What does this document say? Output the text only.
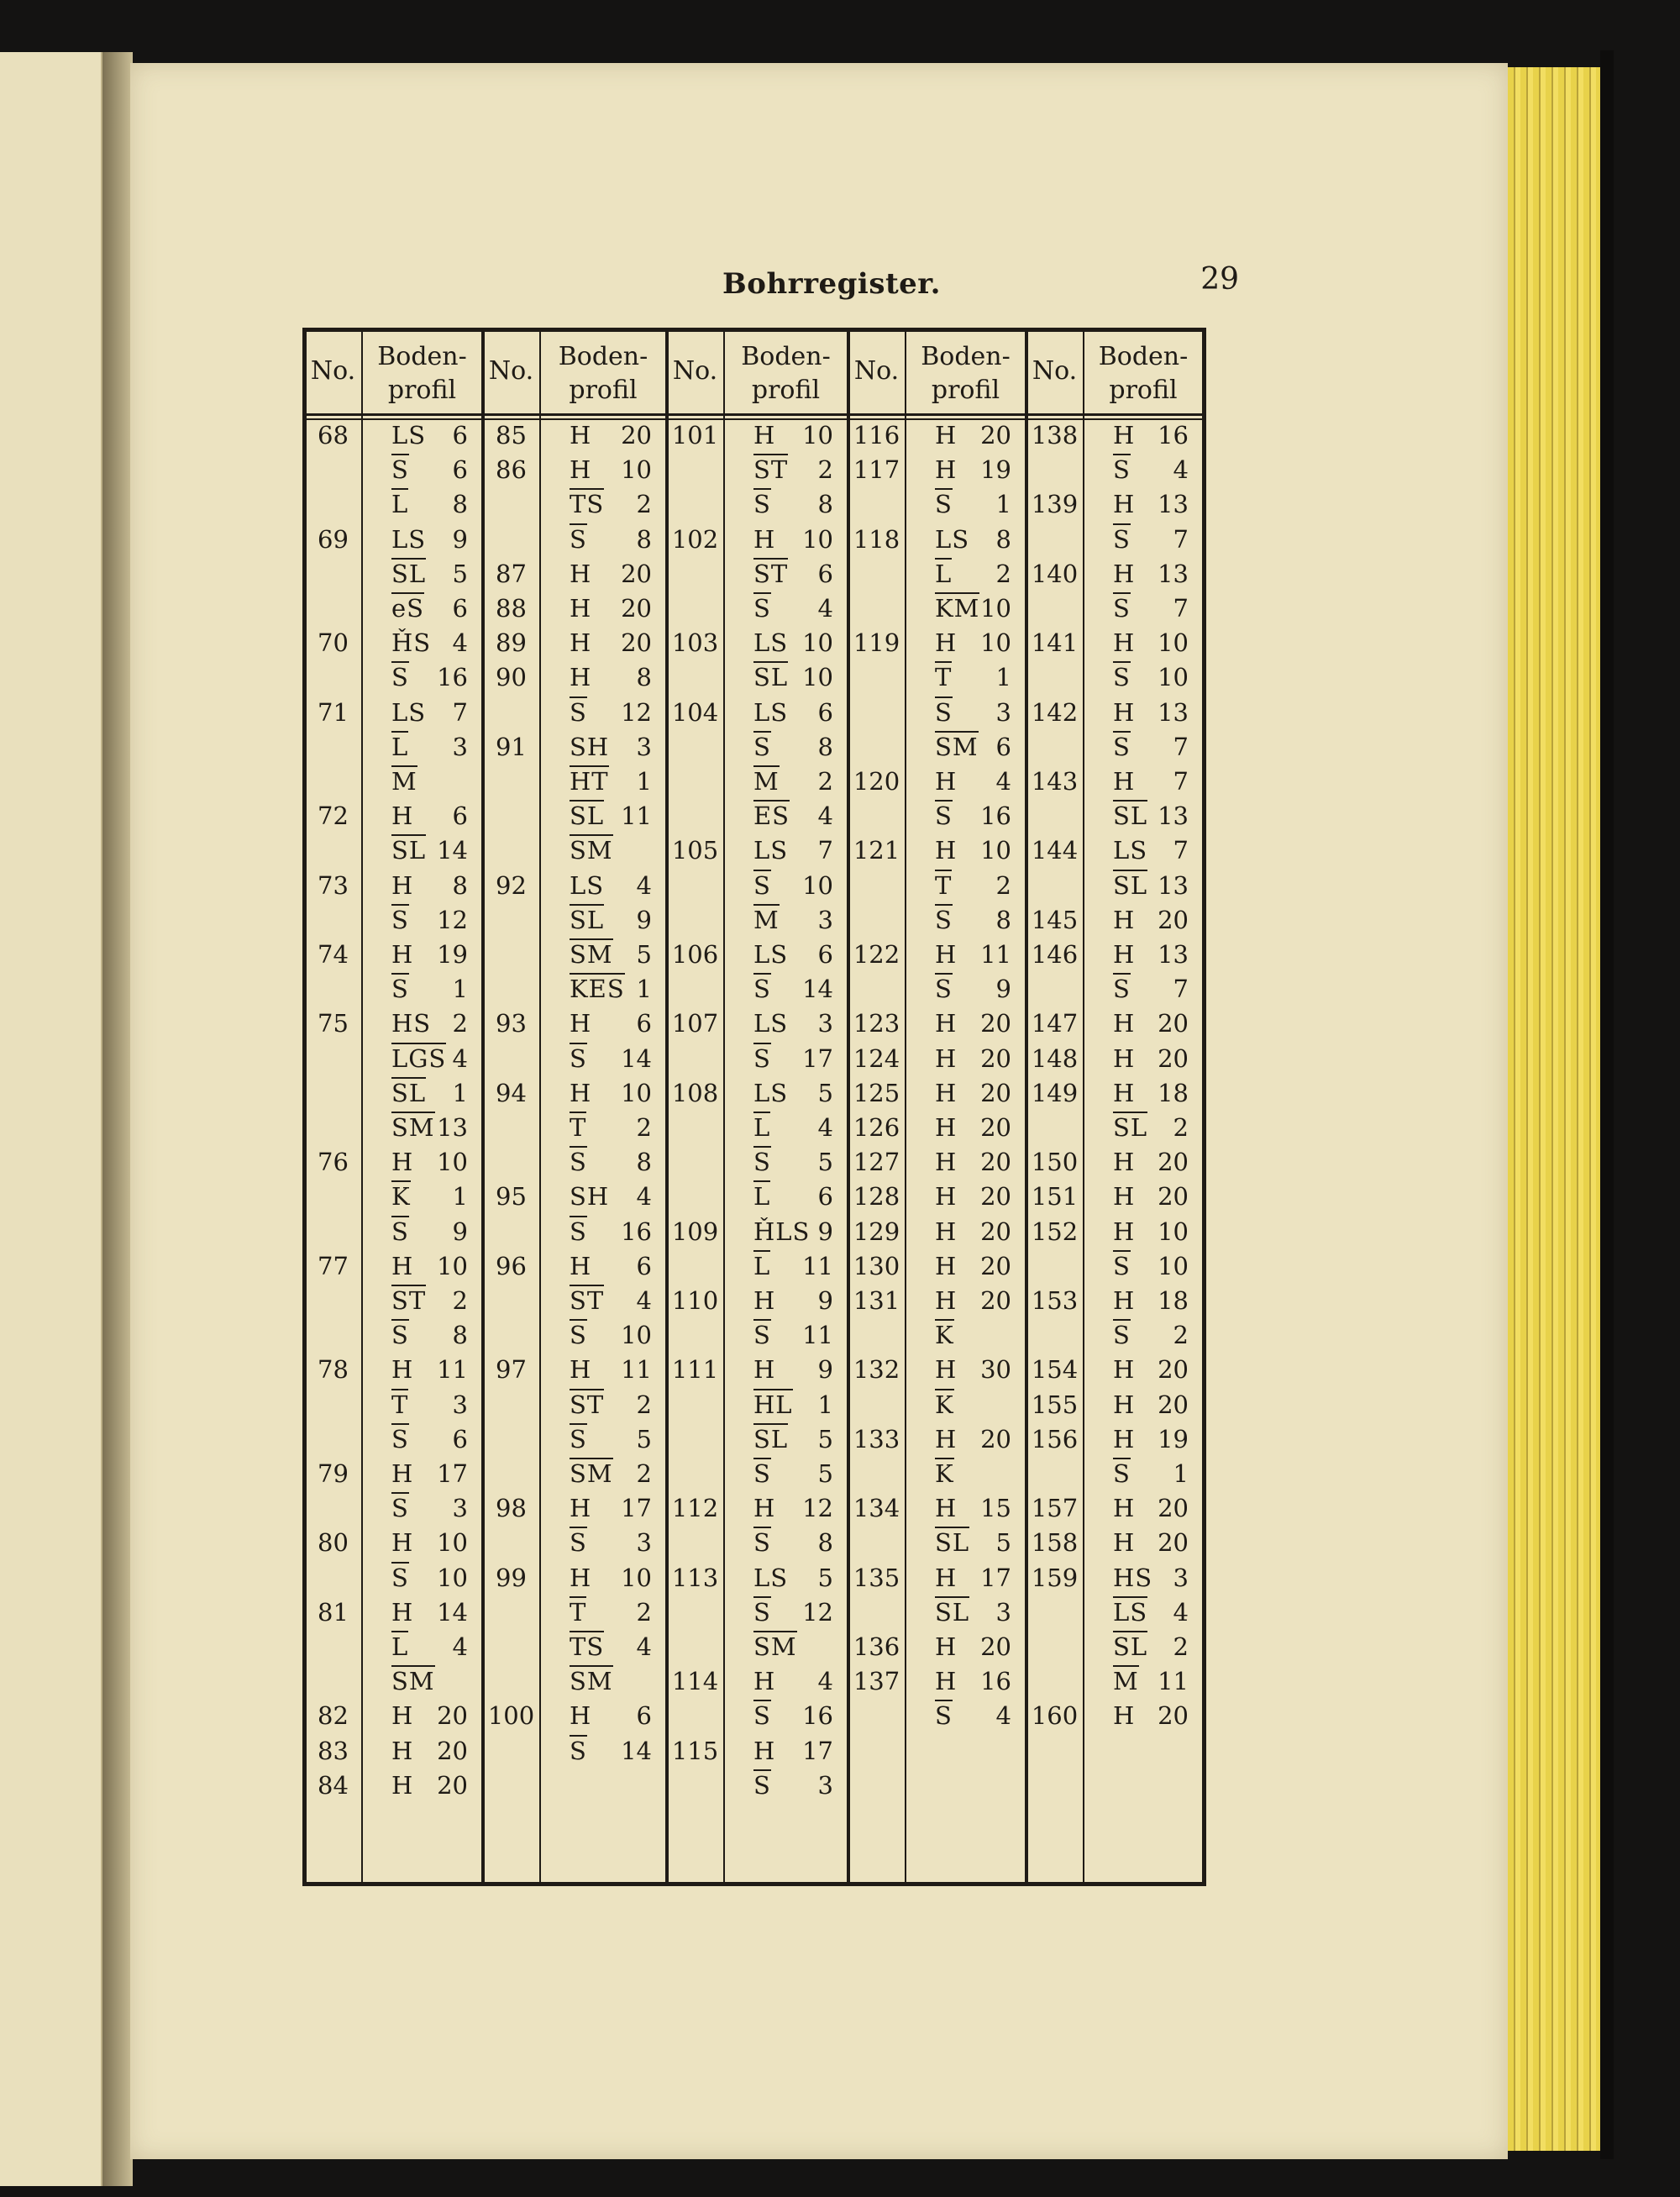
Bohrregister.	29
No. Boden-
profil
68	LS	6
S	6
L	8
69	LS	9
SL	5
eS	6
70	ȞS 4
S	16
71	LS	7
L	3
M
72	H	6
SL 14
73	H	8
S	12
74	H 19
S	1
75	HS 2
LGS 4
SL	1
SM 13
76	H 10
K	1
S	9
77	H 10
ST	2
S	8
78	H 11
T	3
S	6
79	H 17
S	3
80	H 10
S	10
81	H 14
L	4
SM
82	H 20
83	H 20
84	H 20
No. Boden-
profil
85	H	20
86	H	10
TS	2
S	8
87	H	20
88	H	20
89	H	20
90	H	8
S	12
91	SH	3
HT	1
SL 11
SM
92	LS	4
SL	9
SM 5
KES 1
93	H	6
S	14
94	H	10
T	2
S	8
95	SH	4
S	16
96	H	6
ST	4
S	10
97	H	11
ST	2
S	5
SM 2
98	H	17
S	3
99	H	10
T	2
TS	4
SM
100 H	6
S	14
No. Boden-
profil
101 H	10
ST	2
S	8
102 H	10
ST	6
S	4
103 LS 10
SL 10
104 LS	6
S	8
M	2
ES	4
105 LS	7
S	10
M	3
106 LS	6
S	14
107 LS	3
S	17
108 LS	5
L	4
S	5
L	6
109 ȞLS 9
L	11
110 H	9
S	11
111 H	9
HL	1
SL	5
S	5
112 H	12
S	8
113 LS	5
S	12
SM
114 H	4
S	16
115 H	17
S	3
No. Boden-
profil
116 H 20
117 H 19
S	1
118 LS	8
L	2
KM 10
119 H 10
T	1
S	3
SM 6
120 H	4
S	16
121 H 10
T	2
S	8
122 H 11
S	9
123 H 20
124 H 20
125 H 20
126 H 20
127 H 20
128 H 20
129 H 20
130 H 20
131 H 20
K
132 H 30
K
133 H 20
K
134 H 15
SL	5
135 H 17
SL	3
136 H 20
137 H 16
S	4
No. Boden-
profil
138 H 16
S	4
139 H 13
S	7
140 H 13
S	7
141 H 10
S	10
142 H 13
S	7
143 H	7
SL 13
144 LS	7
SL 13
145 H 20
146 H 13
S	7
147 H 20
148 H 20
149 H 18
SL	2
150 H 20
151 H 20
152 H 10
S	10
153 H 18
S	2
154 H 20
155 H 20
156 H 19
S	1
157 H 20
158 H 20
159 HS 3
LS	4
SL	2
M 11
160 H 20
